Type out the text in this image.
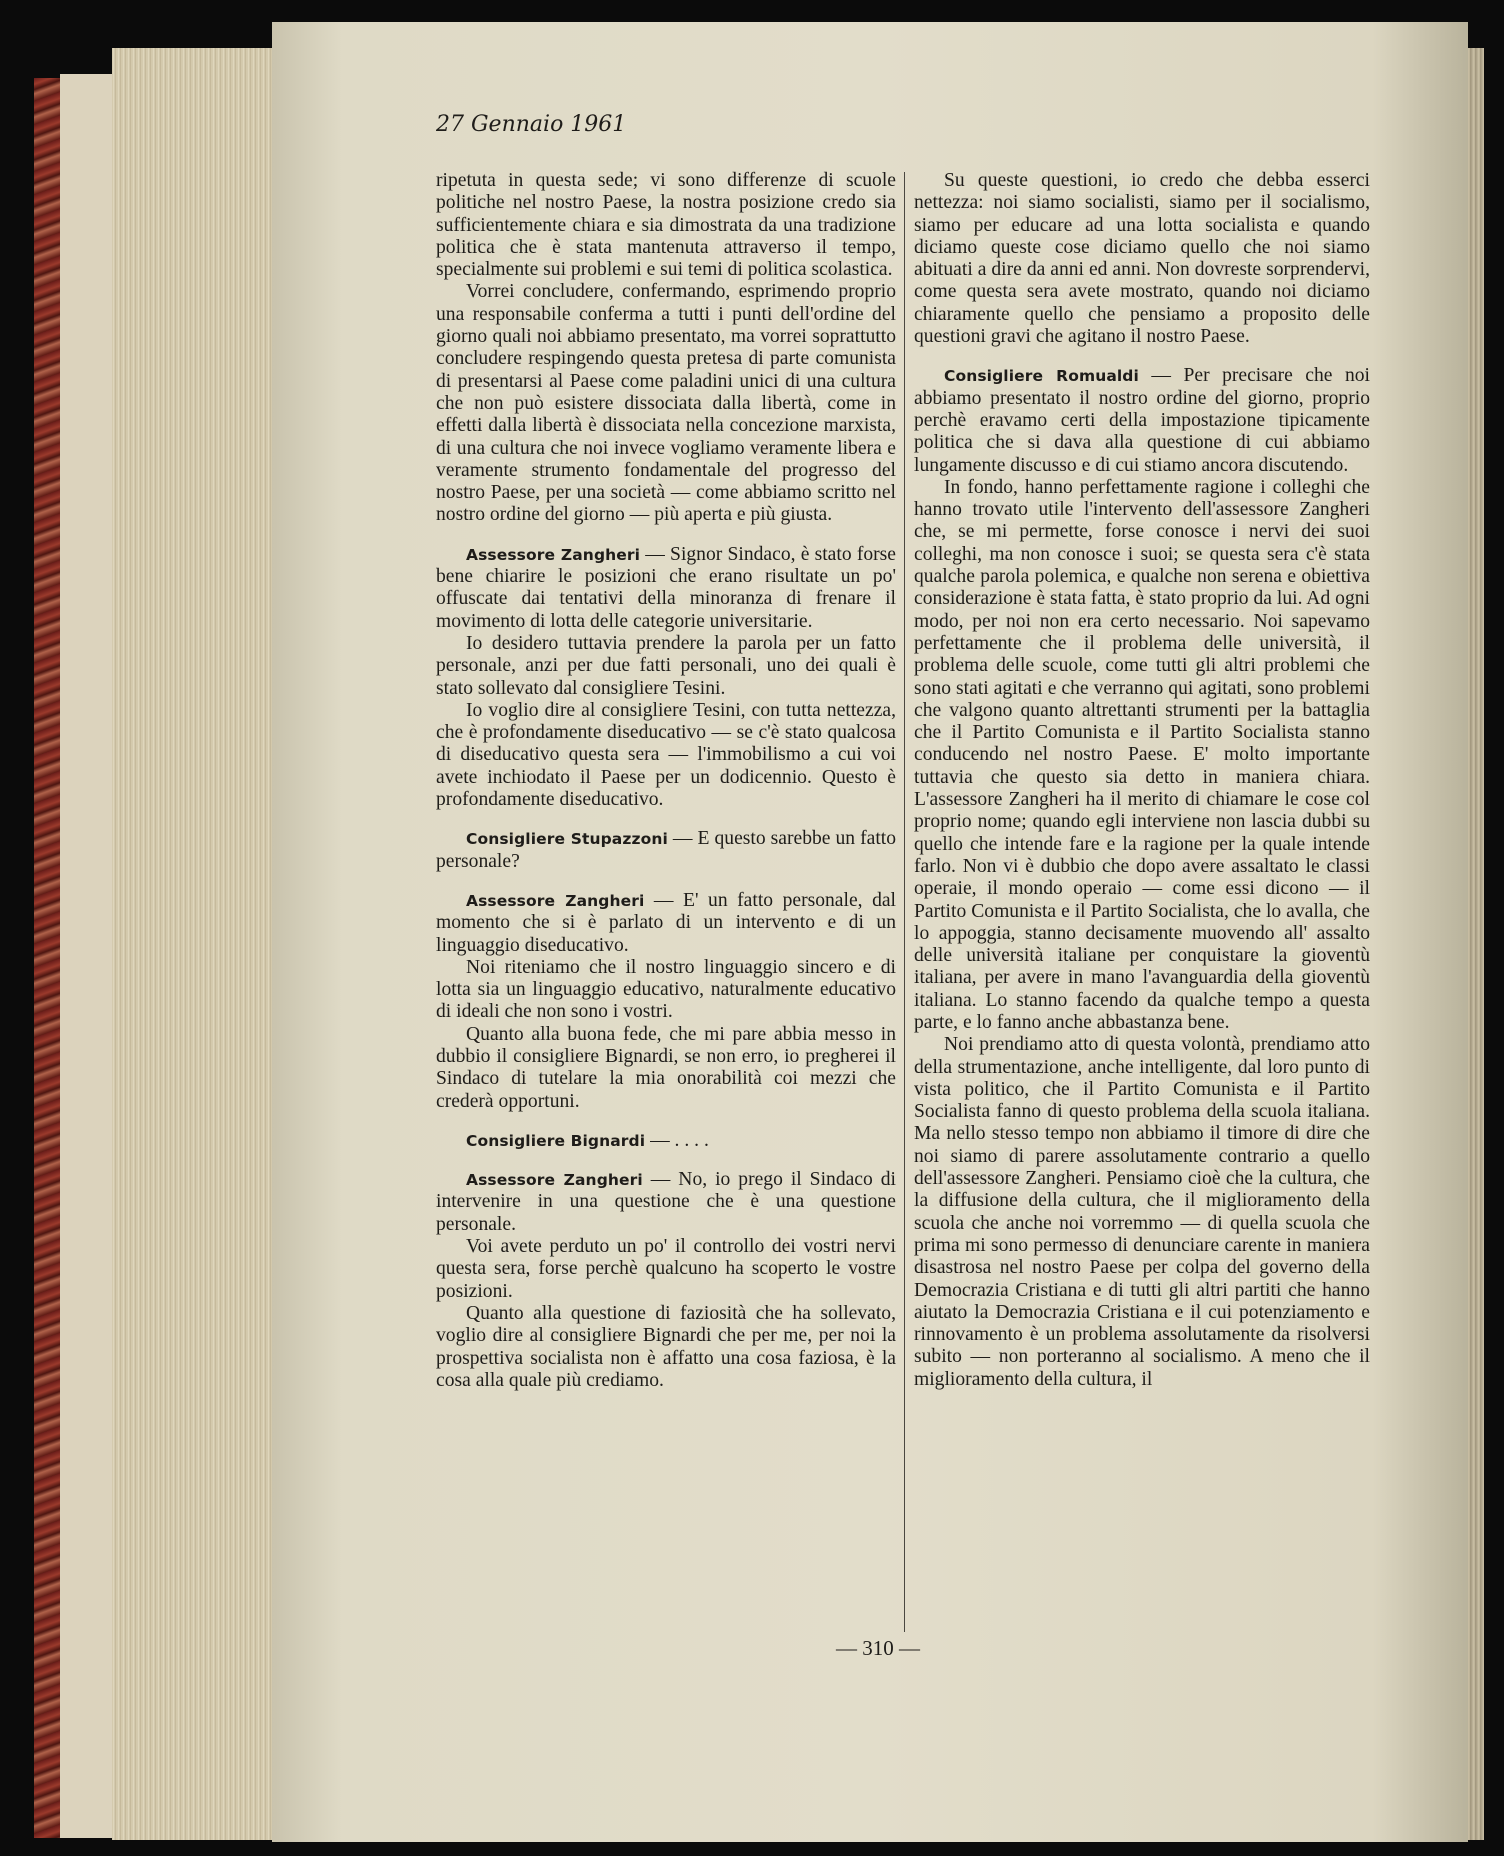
27 Gennaio 1961

ripetuta in questa sede; vi sono differenze di scuole politiche nel nostro Paese, la nostra posizione credo sia sufficientemente chiara e sia dimostrata da una tradizione politica che è stata mantenuta attraverso il tempo, specialmente sui problemi e sui temi di politica scolastica.

Vorrei concludere, confermando, esprimendo proprio una responsabile conferma a tutti i punti dell'ordine del giorno quali noi abbiamo presentato, ma vorrei soprattutto concludere respingendo questa pretesa di parte comunista di presentarsi al Paese come paladini unici di una cultura che non può esistere dissociata dalla libertà, come in effetti dalla libertà è dissociata nella concezione marxista, di una cultura che noi invece vogliamo veramente libera e veramente strumento fondamentale del progresso del nostro Paese, per una società — come abbiamo scritto nel nostro ordine del giorno — più aperta e più giusta.

Assessore Zangheri — Signor Sindaco, è stato forse bene chiarire le posizioni che erano risultate un po' offuscate dai tentativi della minoranza di frenare il movimento di lotta delle categorie universitarie.

Io desidero tuttavia prendere la parola per un fatto personale, anzi per due fatti personali, uno dei quali è stato sollevato dal consigliere Tesini.

Io voglio dire al consigliere Tesini, con tutta nettezza, che è profondamente diseducativo — se c'è stato qualcosa di diseducativo questa sera — l'immobilismo a cui voi avete inchiodato il Paese per un dodicennio. Questo è profondamente diseducativo.

Consigliere Stupazzoni — E questo sarebbe un fatto personale?

Assessore Zangheri — E' un fatto personale, dal momento che si è parlato di un intervento e di un linguaggio diseducativo.

Noi riteniamo che il nostro linguaggio sincero e di lotta sia un linguaggio educativo, naturalmente educativo di ideali che non sono i vostri.

Quanto alla buona fede, che mi pare abbia messo in dubbio il consigliere Bignardi, se non erro, io pregherei il Sindaco di tutelare la mia onorabilità coi mezzi che crederà opportuni.

Consigliere Bignardi — . . . .

Assessore Zangheri — No, io prego il Sindaco di intervenire in una questione che è una questione personale.

Voi avete perduto un po' il controllo dei vostri nervi questa sera, forse perchè qualcuno ha scoperto le vostre posizioni.

Quanto alla questione di faziosità che ha sollevato, voglio dire al consigliere Bignardi che per me, per noi la prospettiva socialista non è affatto una cosa faziosa, è la cosa alla quale più crediamo.

Su queste questioni, io credo che debba esserci nettezza: noi siamo socialisti, siamo per il socialismo, siamo per educare ad una lotta socialista e quando diciamo queste cose diciamo quello che noi siamo abituati a dire da anni ed anni. Non dovreste sorprendervi, come questa sera avete mostrato, quando noi diciamo chiaramente quello che pensiamo a proposito delle questioni gravi che agitano il nostro Paese.

Consigliere Romualdi — Per precisare che noi abbiamo presentato il nostro ordine del giorno, proprio perchè eravamo certi della impostazione tipicamente politica che si dava alla questione di cui abbiamo lungamente discusso e di cui stiamo ancora discutendo.

In fondo, hanno perfettamente ragione i colleghi che hanno trovato utile l'intervento dell'assessore Zangheri che, se mi permette, forse conosce i nervi dei suoi colleghi, ma non conosce i suoi; se questa sera c'è stata qualche parola polemica, e qualche non serena e obiettiva considerazione è stata fatta, è stato proprio da lui. Ad ogni modo, per noi non era certo necessario. Noi sapevamo perfettamente che il problema delle università, il problema delle scuole, come tutti gli altri problemi che sono stati agitati e che verranno qui agitati, sono problemi che valgono quanto altrettanti strumenti per la battaglia che il Partito Comunista e il Partito Socialista stanno conducendo nel nostro Paese. E' molto importante tuttavia che questo sia detto in maniera chiara. L'assessore Zangheri ha il merito di chiamare le cose col proprio nome; quando egli interviene non lascia dubbi su quello che intende fare e la ragione per la quale intende farlo. Non vi è dubbio che dopo avere assaltato le classi operaie, il mondo operaio — come essi dicono — il Partito Comunista e il Partito Socialista, che lo avalla, che lo appoggia, stanno decisamente muovendo all' assalto delle università italiane per conquistare la gioventù italiana, per avere in mano l'avanguardia della gioventù italiana. Lo stanno facendo da qualche tempo a questa parte, e lo fanno anche abbastanza bene.

Noi prendiamo atto di questa volontà, prendiamo atto della strumentazione, anche intelligente, dal loro punto di vista politico, che il Partito Comunista e il Partito Socialista fanno di questo problema della scuola italiana. Ma nello stesso tempo non abbiamo il timore di dire che noi siamo di parere assolutamente contrario a quello dell'assessore Zangheri. Pensiamo cioè che la cultura, che la diffusione della cultura, che il miglioramento della scuola che anche noi vorremmo — di quella scuola che prima mi sono permesso di denunciare carente in maniera disastrosa nel nostro Paese per colpa del governo della Democrazia Cristiana e di tutti gli altri partiti che hanno aiutato la Democrazia Cristiana e il cui potenziamento e rinnovamento è un problema assolutamente da risolversi subito — non porteranno al socialismo. A meno che il miglioramento della cultura, il

— 310 —
